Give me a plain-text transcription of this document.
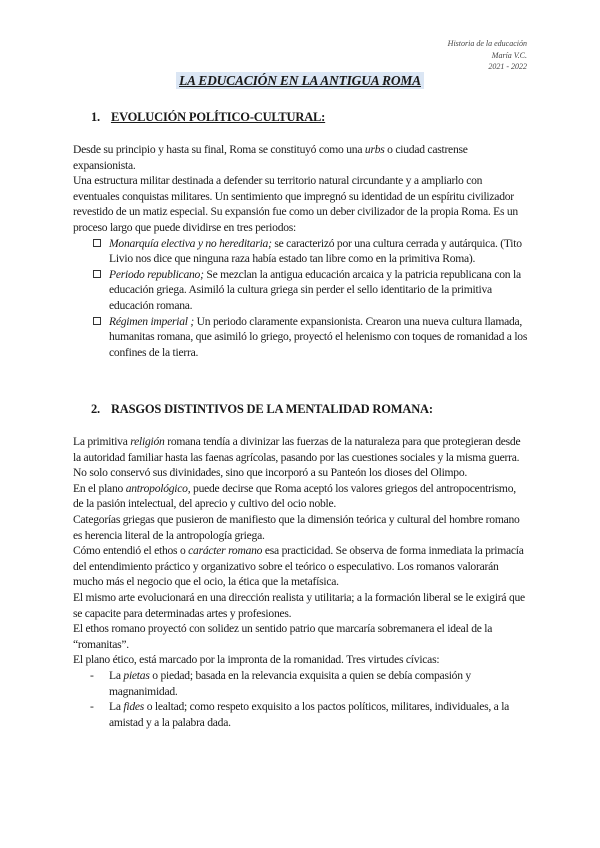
Historia de la educación
María V.C.
2021 - 2022
LA EDUCACIÓN EN LA ANTIGUA ROMA
1. EVOLUCIÓN POLÍTICO-CULTURAL:

Desde su principio y hasta su final, Roma se constituyó como una urbs o ciudad castrense expansionista.

Una estructura militar destinada a defender su territorio natural circundante y a ampliarlo con eventuales conquistas militares. Un sentimiento que impregnó su identidad de un espíritu civilizador revestido de un matiz especial. Su expansión fue como un deber civilizador de la propia Roma. Es un proceso largo que puede dividirse en tres periodos:

Monarquía electiva y no hereditaria; se caracterizó por una cultura cerrada y autárquica. (Tito Livio nos dice que ninguna raza había estado tan libre como en la primitiva Roma).
Periodo republicano; Se mezclan la antigua educación arcaica y la patricia republicana con la educación griega. Asimiló la cultura griega sin perder el sello identitario de la primitiva educación romana.
Régimen imperial ; Un periodo claramente expansionista. Crearon una nueva cultura llamada, humanitas romana, que asimiló lo griego, proyectó el helenismo con toques de romanidad a los confines de la tierra.
2. RASGOS DISTINTIVOS DE LA MENTALIDAD ROMANA:

La primitiva religión romana tendía a divinizar las fuerzas de la naturaleza para que protegieran desde la autoridad familiar hasta las faenas agrícolas, pasando por las cuestiones sociales y la misma guerra. No solo conservó sus divinidades, sino que incorporó a su Panteón los dioses del Olimpo.

En el plano antropológico, puede decirse que Roma aceptó los valores griegos del antropocentrismo, de la pasión intelectual, del aprecio y cultivo del ocio noble.

Categorías griegas que pusieron de manifiesto que la dimensión teórica y cultural del hombre romano es herencia literal de la antropología griega.

Cómo entendió el ethos o carácter romano esa practicidad. Se observa de forma inmediata la primacía del entendimiento práctico y organizativo sobre el teórico o especulativo. Los romanos valorarán mucho más el negocio que el ocio, la ética que la metafísica.

El mismo arte evolucionará en una dirección realista y utilitaria; a la formación liberal se le exigirá que se capacite para determinadas artes y profesiones.

El ethos romano proyectó con solidez un sentido patrio que marcaría sobremanera el ideal de la “romanitas”.

El plano ético, está marcado por la impronta de la romanidad. Tres virtudes cívicas:

- La pietas o piedad; basada en la relevancia exquisita a quien se debía compasión y magnanimidad.
- La fides o lealtad; como respeto exquisito a los pactos políticos, militares, individuales, a la amistad y a la palabra dada.
